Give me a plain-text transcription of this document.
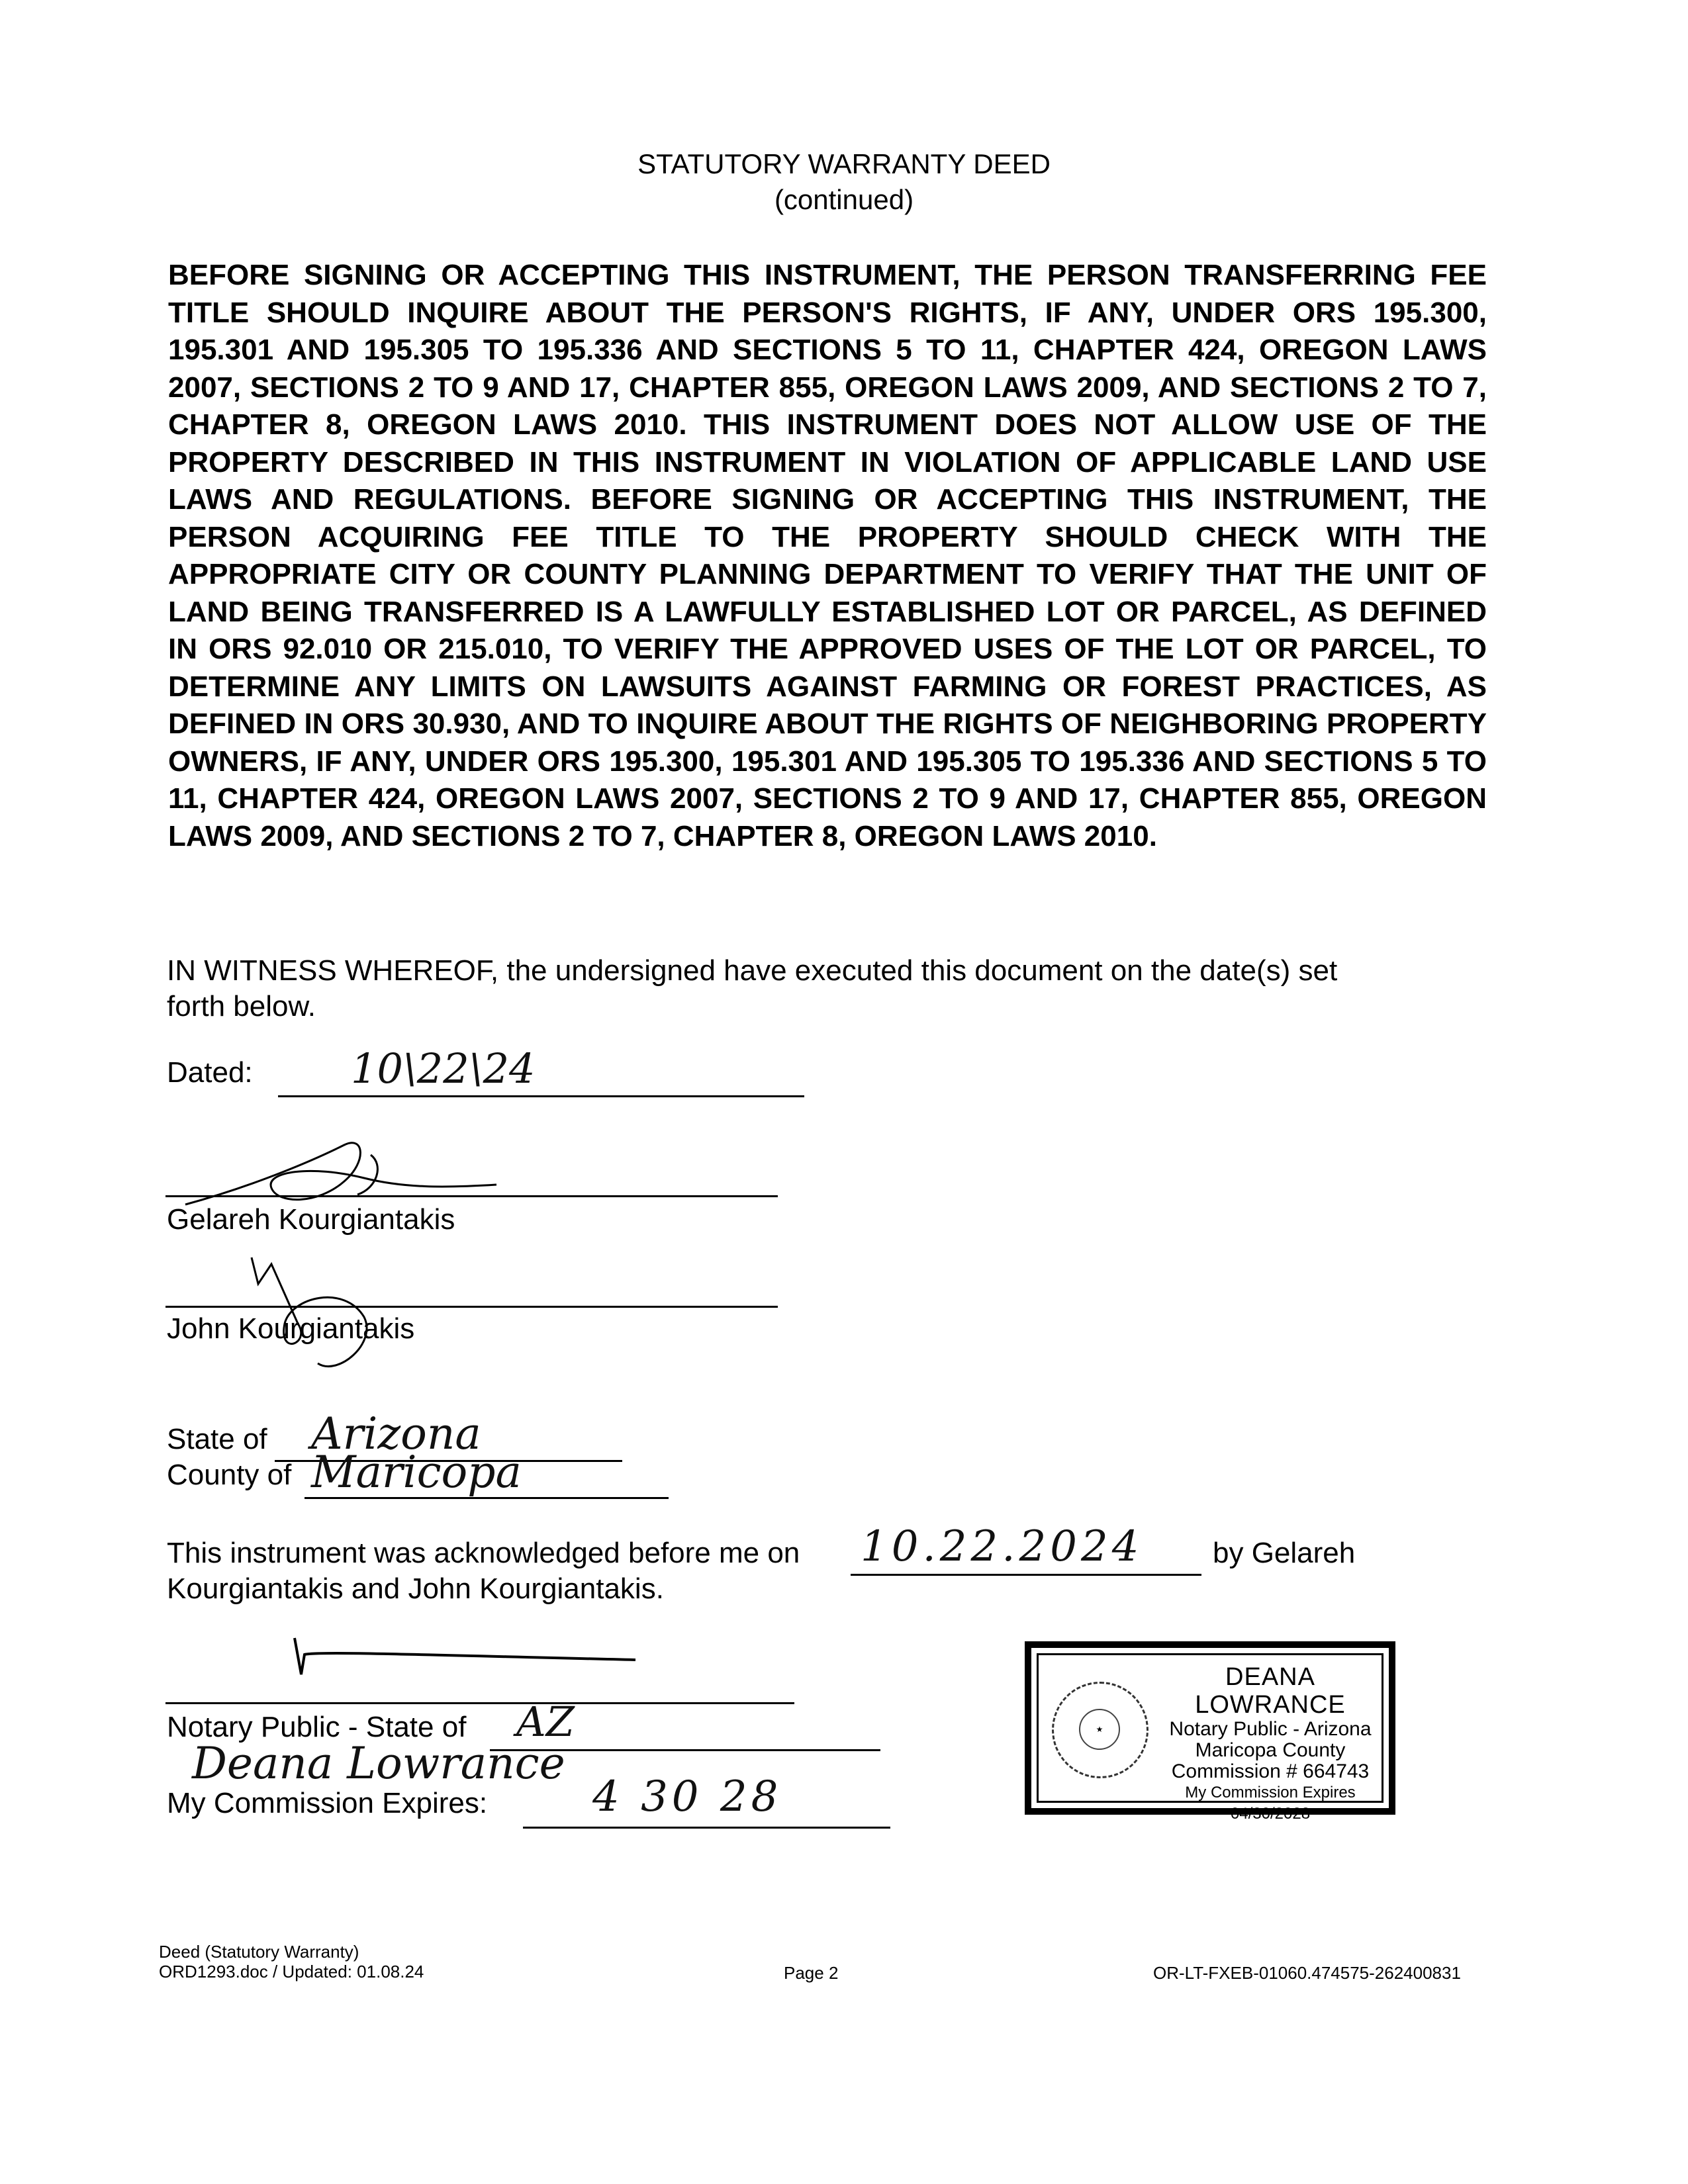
STATUTORY WARRANTY DEED
(continued)
BEFORE SIGNING OR ACCEPTING THIS INSTRUMENT, THE PERSON TRANSFERRING FEE TITLE SHOULD INQUIRE ABOUT THE PERSON'S RIGHTS, IF ANY, UNDER ORS 195.300, 195.301 AND 195.305 TO 195.336 AND SECTIONS 5 TO 11, CHAPTER 424, OREGON LAWS 2007, SECTIONS 2 TO 9 AND 17, CHAPTER 855, OREGON LAWS 2009, AND SECTIONS 2 TO 7, CHAPTER 8, OREGON LAWS 2010. THIS INSTRUMENT DOES NOT ALLOW USE OF THE PROPERTY DESCRIBED IN THIS INSTRUMENT IN VIOLATION OF APPLICABLE LAND USE LAWS AND REGULATIONS. BEFORE SIGNING OR ACCEPTING THIS INSTRUMENT, THE PERSON ACQUIRING FEE TITLE TO THE PROPERTY SHOULD CHECK WITH THE APPROPRIATE CITY OR COUNTY PLANNING DEPARTMENT TO VERIFY THAT THE UNIT OF LAND BEING TRANSFERRED IS A LAWFULLY ESTABLISHED LOT OR PARCEL, AS DEFINED IN ORS 92.010 OR 215.010, TO VERIFY THE APPROVED USES OF THE LOT OR PARCEL, TO DETERMINE ANY LIMITS ON LAWSUITS AGAINST FARMING OR FOREST PRACTICES, AS DEFINED IN ORS 30.930, AND TO INQUIRE ABOUT THE RIGHTS OF NEIGHBORING PROPERTY OWNERS, IF ANY, UNDER ORS 195.300, 195.301 AND 195.305 TO 195.336 AND SECTIONS 5 TO 11, CHAPTER 424, OREGON LAWS 2007, SECTIONS 2 TO 9 AND 17, CHAPTER 855, OREGON LAWS 2009, AND SECTIONS 2 TO 7, CHAPTER 8, OREGON LAWS 2010.
IN WITNESS WHEREOF, the undersigned have executed this document on the date(s) set
forth below.
Dated: 10\22\24
Gelareh Kourgiantakis
John Kourgiantakis
State of Arizona
County of Maricopa
This instrument was acknowledged before me on 10.22.2024 by Gelareh
Kourgiantakis and John Kourgiantakis.
Notary Public - State of AZ
Deana Lowrance
My Commission Expires: 4 30 28
★
DEANA LOWRANCE
Notary Public - Arizona
Maricopa County
Commission # 664743
My Commission Expires 04/30/2028
Deed (Statutory Warranty)
ORD1293.doc / Updated: 01.08.24	Page 2	OR-LT-FXEB-01060.474575-262400831
